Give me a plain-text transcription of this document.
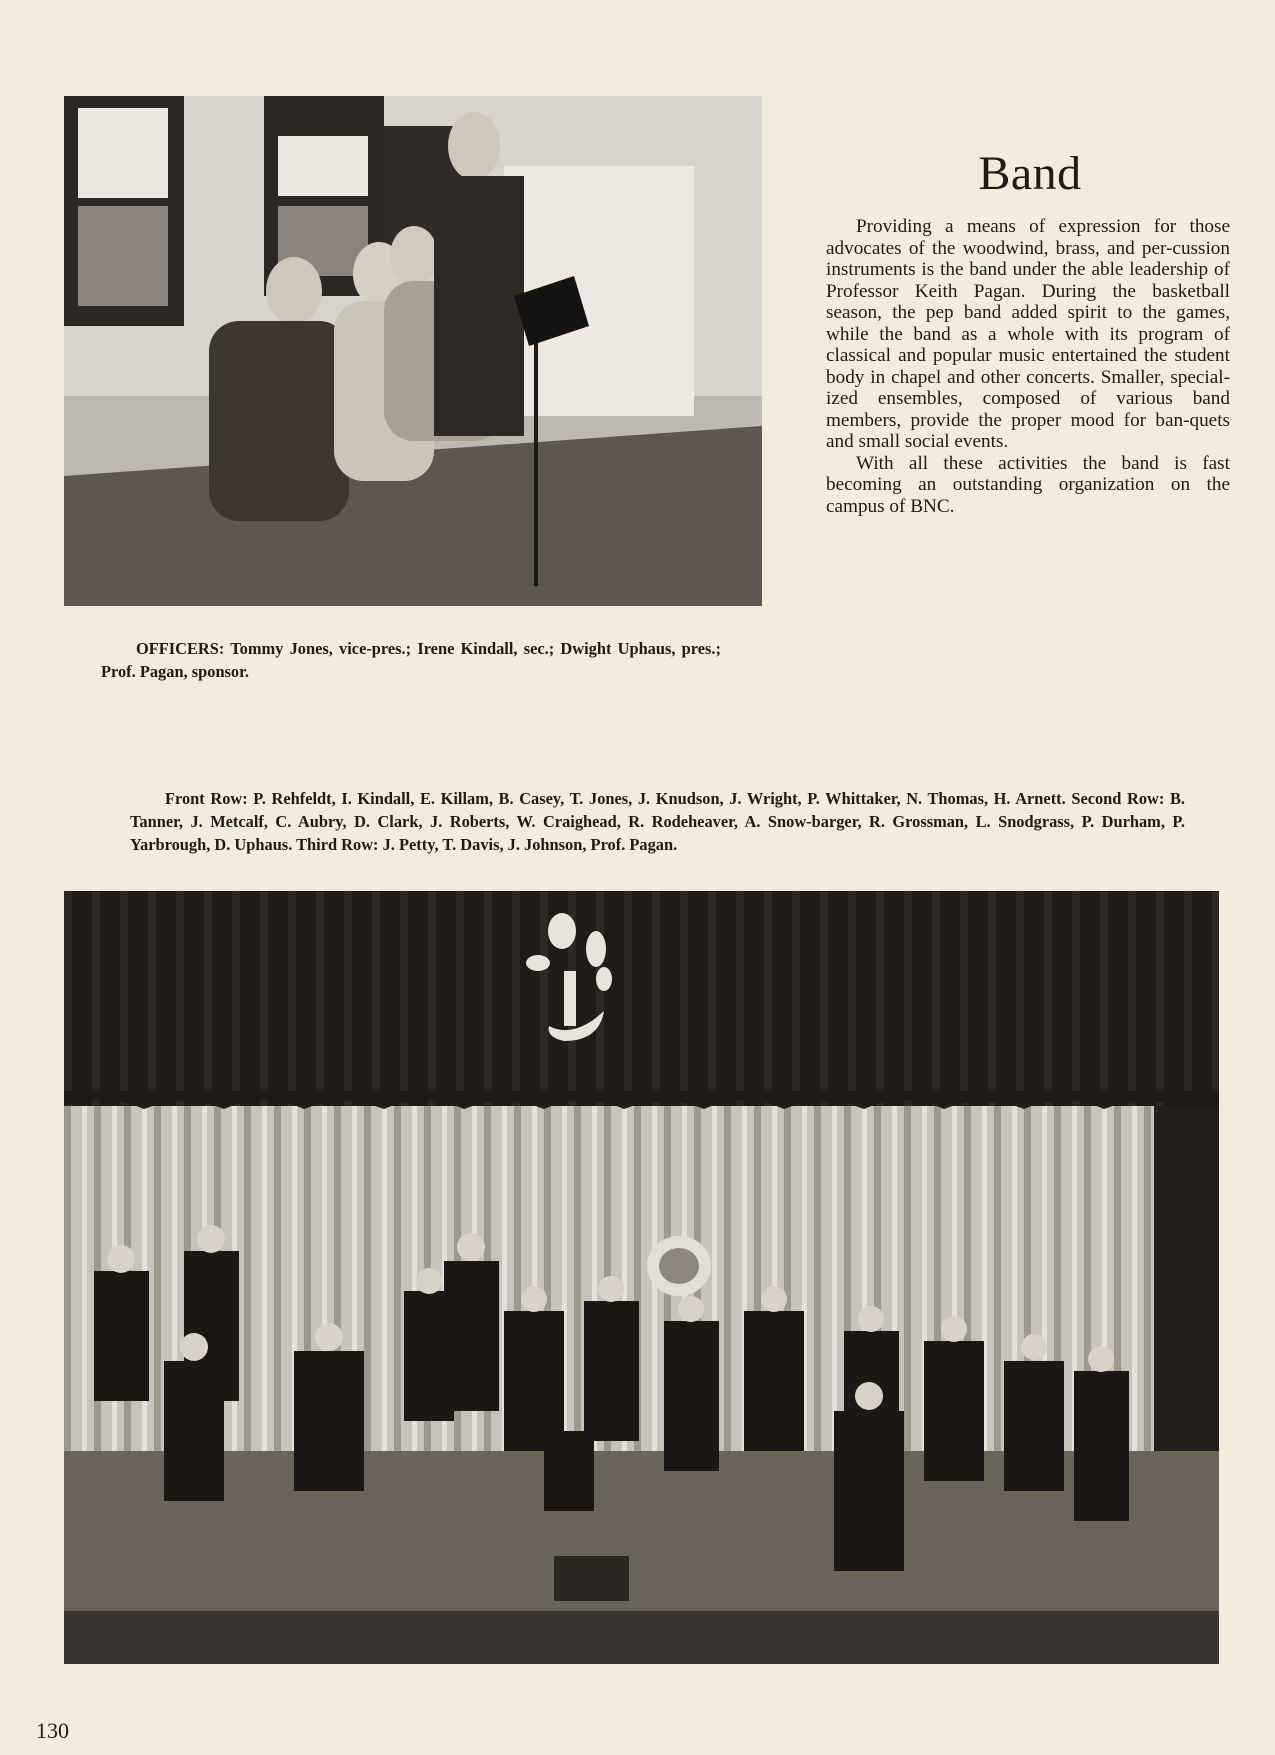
Band

Providing a means of expression for those advocates of the woodwind, brass, and per-cussion instruments is the band under the able leadership of Professor Keith Pagan. During the basketball season, the pep band added spirit to the games, while the band as a whole with its program of classical and popular music entertained the student body in chapel and other concerts. Smaller, special-ized ensembles, composed of various band members, provide the proper mood for ban-quets and small social events.

With all these activities the band is fast becoming an outstanding organization on the campus of BNC.

OFFICERS: Tommy Jones, vice-pres.; Irene Kindall, sec.; Dwight Uphaus, pres.; Prof. Pagan, sponsor.

Front Row: P. Rehfeldt, I. Kindall, E. Killam, B. Casey, T. Jones, J. Knudson, J. Wright, P. Whittaker, N. Thomas, H. Arnett. Second Row: B. Tanner, J. Metcalf, C. Aubry, D. Clark, J. Roberts, W. Craighead, R. Rodeheaver, A. Snow-barger, R. Grossman, L. Snodgrass, P. Durham, P. Yarbrough, D. Uphaus. Third Row: J. Petty, T. Davis, J. Johnson, Prof. Pagan.

130
